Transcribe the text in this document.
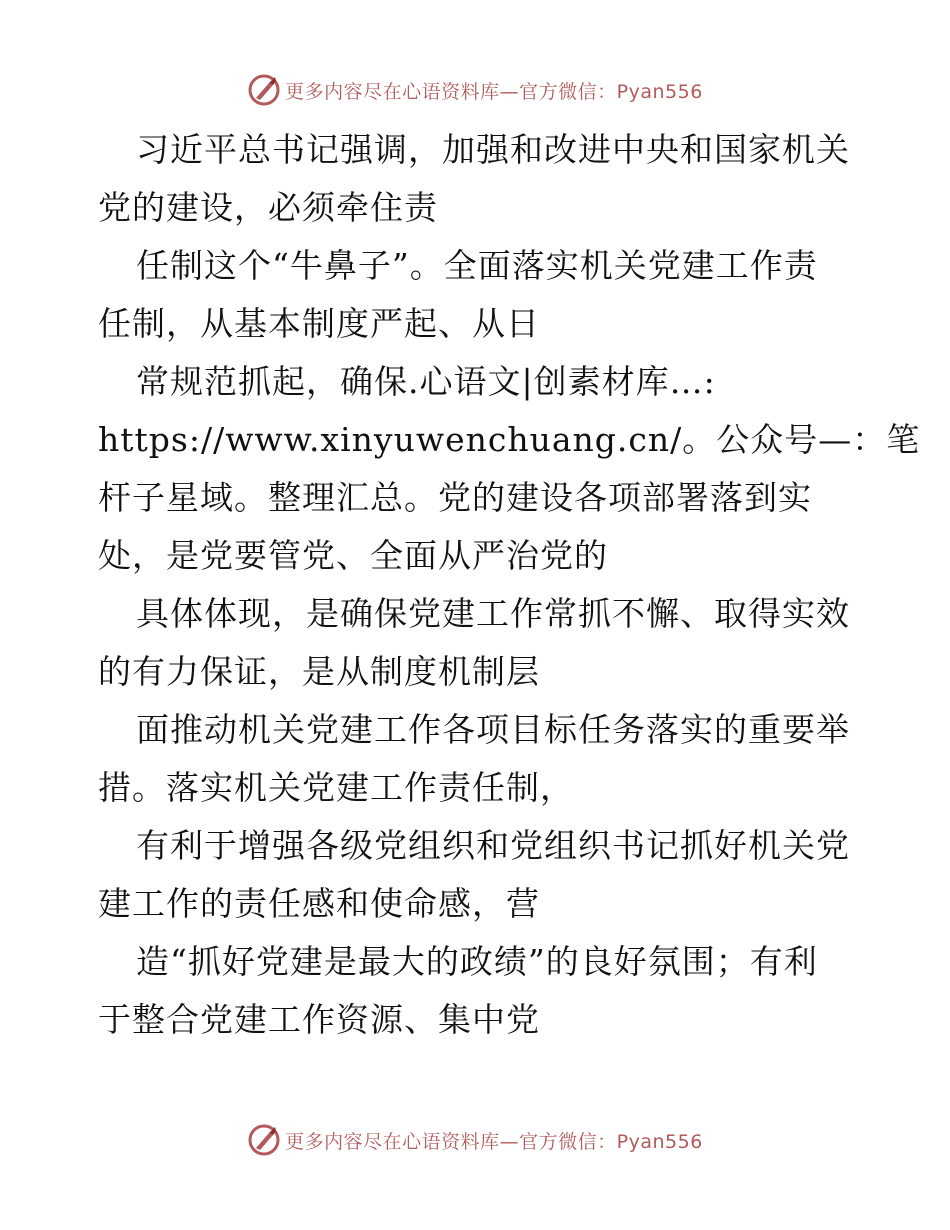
更多内容尽在心语资料库—官方微信：Pyan556
习近平总书记强调，加强和改进中央和国家机关
党的建设，必须牵住责
任制这个“牛鼻子”。全面落实机关党建工作责
任制，从基本制度严起、从日
常规范抓起，确保.心语文|创素材库…:
https://www.xinyuwenchuang.cn/。公众号—：笔
杆子星域。整理汇总。党的建设各项部署落到实
处，是党要管党、全面从严治党的
具体体现，是确保党建工作常抓不懈、取得实效
的有力保证，是从制度机制层
面推动机关党建工作各项目标任务落实的重要举
措。落实机关党建工作责任制，
有利于增强各级党组织和党组织书记抓好机关党
建工作的责任感和使命感，营
造“抓好党建是最大的政绩”的良好氛围；有利
于整合党建工作资源、集中党
更多内容尽在心语资料库—官方微信：Pyan556
